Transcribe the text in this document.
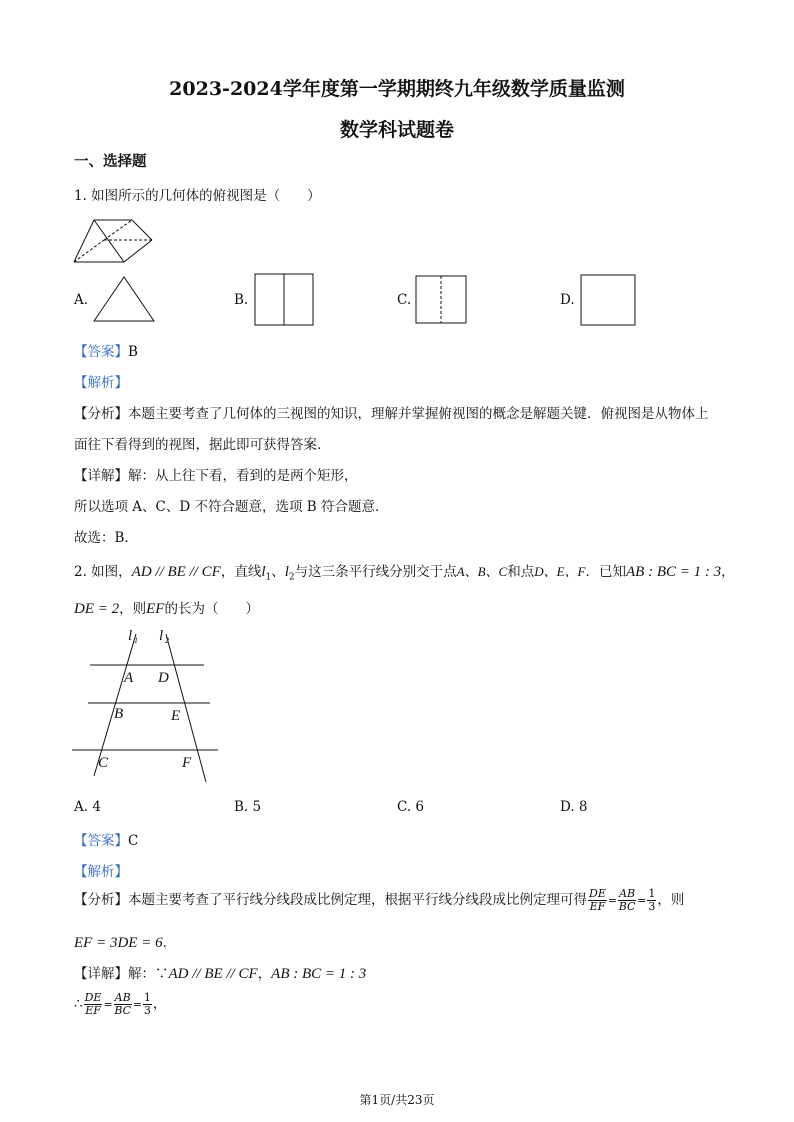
2023-2024学年度第一学期期终九年级数学质量监测
数学科试题卷
一、选择题
1. 如图所示的几何体的俯视图是（　　）
A.	B.	C.	D.
【答案】B
【解析】
【分析】本题主要考查了几何体的三视图的知识，理解并掌握俯视图的概念是解题关键．俯视图是从物体上
面往下看得到的视图，据此即可获得答案．
【详解】解：从上往下看，看到的是两个矩形，
所以选项 A、C、D 不符合题意，选项 B 符合题意．
故选：B．
2. 如图，AD // BE // CF，直线$l_1$、$l_2$与这三条平行线分别交于点A、B、C和点D、E、F．已知AB : BC = 1 : 3，
DE = 2，则EF的长为（　　）
l 1 l 2
A D
B	E
C	F
A. 4	B. 5	C. 6	D. 8
【答案】C
【解析】
【分析】本题主要考查了平行线分线段成比例定理，根据平行线分线段成比例定理可得 $\frac{DE}{EF} = \frac{AB}{BC} = \frac{1}{3}$ ，则
EF = 3DE = 6．
【详解】解：∵AD // BE // CF，AB : BC = 1 : 3
∴ $\frac{DE}{EF} = \frac{AB}{BC} = \frac{1}{3}$ ，
第1页/共23页
